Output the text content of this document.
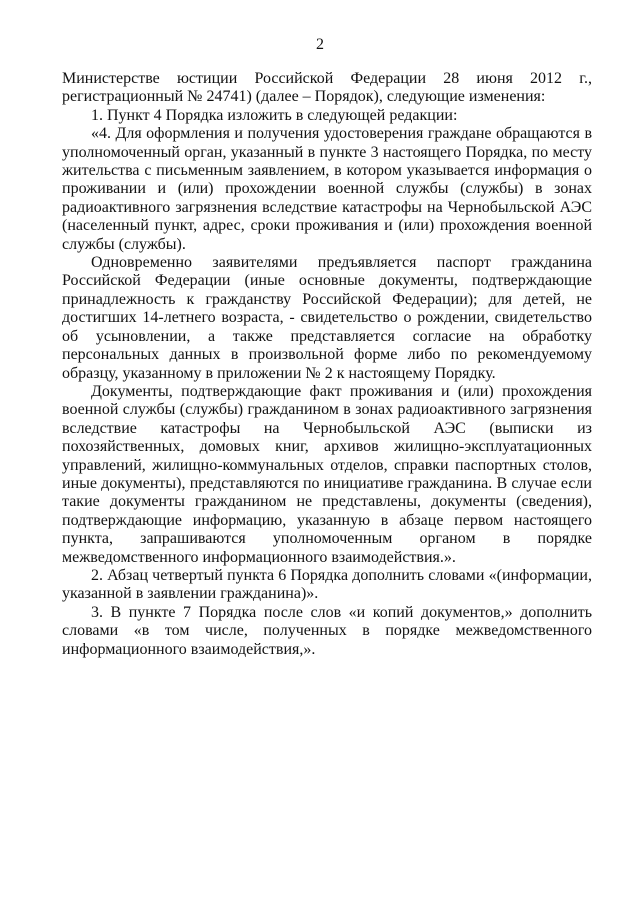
2

Министерстве юстиции Российской Федерации 28 июня 2012 г., регистрационный № 24741) (далее – Порядок), следующие изменения:

1. Пункт 4 Порядка изложить в следующей редакции:

«4. Для оформления и получения удостоверения граждане обращаются в уполномоченный орган, указанный в пункте 3 настоящего Порядка, по месту жительства с письменным заявлением, в котором указывается информация о проживании и (или) прохождении военной службы (службы) в зонах радиоактивного загрязнения вследствие катастрофы на Чернобыльской АЭС (населенный пункт, адрес, сроки проживания и (или) прохождения военной службы (службы).

Одновременно заявителями предъявляется паспорт гражданина Российской Федерации (иные основные документы, подтверждающие принадлежность к гражданству Российской Федерации); для детей, не достигших 14-летнего возраста, - свидетельство о рождении, свидетельство об усыновлении, а также представляется согласие на обработку персональных данных в произвольной форме либо по рекомендуемому образцу, указанному в приложении № 2 к настоящему Порядку.

Документы, подтверждающие факт проживания и (или) прохождения военной службы (службы) гражданином в зонах радиоактивного загрязнения вследствие катастрофы на Чернобыльской АЭС (выписки из похозяйственных, домовых книг, архивов жилищно-эксплуатационных управлений, жилищно-коммунальных отделов, справки паспортных столов, иные документы), представляются по инициативе гражданина. В случае если такие документы гражданином не представлены, документы (сведения), подтверждающие информацию, указанную в абзаце первом настоящего пункта, запрашиваются уполномоченным органом в порядке межведомственного информационного взаимодействия.».

2. Абзац четвертый пункта 6 Порядка дополнить словами «(информации, указанной в заявлении гражданина)».

3. В пункте 7 Порядка после слов «и копий документов,» дополнить словами «в том числе, полученных в порядке межведомственного информационного взаимодействия,».
